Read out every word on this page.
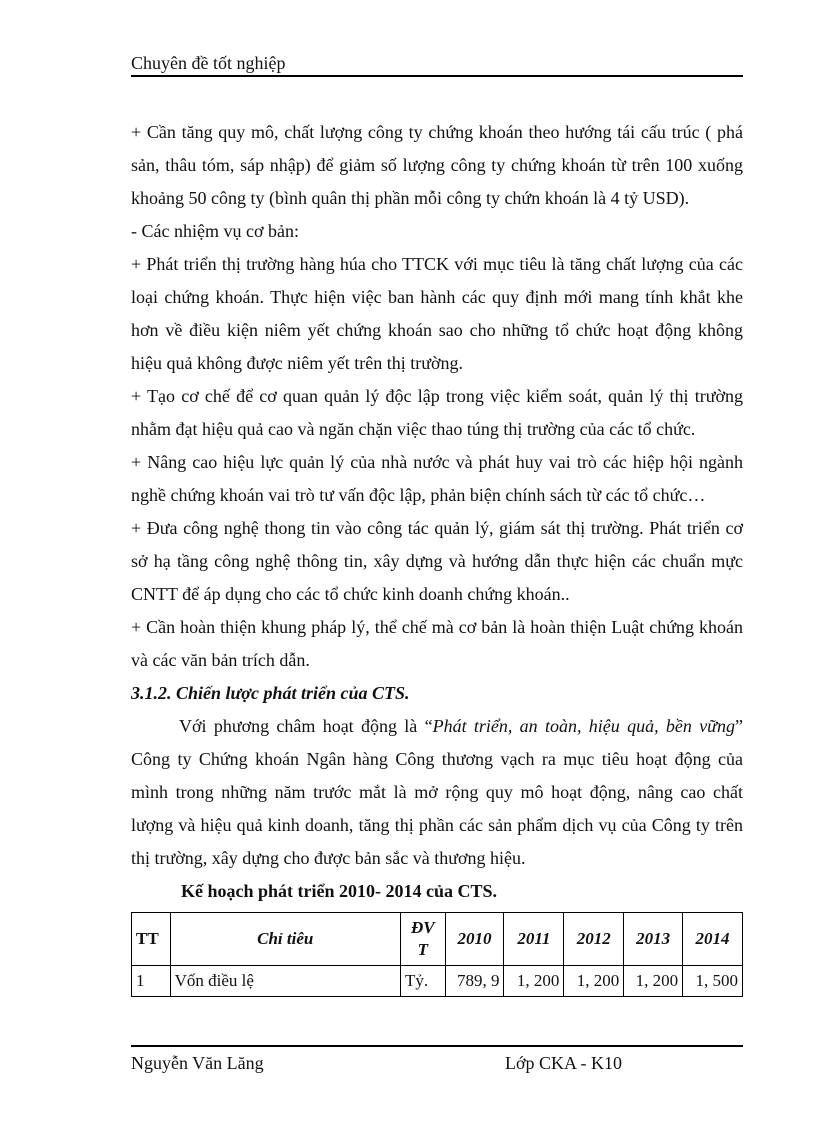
Chuyên đề tốt nghiệp

+ Cần tăng quy mô, chất lượng công ty chứng khoán theo hướng tái cấu trúc ( phá sản, thâu tóm, sáp nhập) để giảm số lượng công ty chứng khoán từ trên 100 xuống khoảng 50 công ty (bình quân thị phần mỗi công ty chứn khoán là 4 tỷ USD).

- Các nhiệm vụ cơ bản:

+ Phát triển thị trường hàng húa cho TTCK với mục tiêu là tăng chất lượng của các loại chứng khoán. Thực hiện việc ban hành các quy định mới mang tính khắt khe hơn về điều kiện niêm yết chứng khoán sao cho những tổ chức hoạt động không hiệu quả không được niêm yết trên thị trường.

+ Tạo cơ chế để cơ quan quản lý độc lập trong việc kiểm soát, quản lý thị trường nhằm đạt hiệu quả cao và ngăn chặn việc thao túng thị trường của các tổ chức.

+ Nâng cao hiệu lực quản lý của nhà nước và phát huy vai trò các hiệp hội ngành nghề chứng khoán vai trò tư vấn độc lập, phản biện chính sách từ các tổ chức…

+ Đưa công nghệ thong tin vào công tác quản lý, giám sát thị trường. Phát triển cơ sở hạ tầng công nghệ thông tin, xây dựng và hướng dẫn thực hiện các chuẩn mực CNTT để áp dụng cho các tổ chức kinh doanh chứng khoán..

+ Cần hoàn thiện khung pháp lý, thể chế mà cơ bản là hoàn thiện Luật chứng khoán và các văn bản trích dẫn.

3.1.2. Chiến lược phát triển của CTS.

Với phương châm hoạt động là “Phát triển, an toàn, hiệu quả, bền vững” Công ty Chứng khoán Ngân hàng Công thương vạch ra mục tiêu hoạt động của mình trong những năm trước mắt là mở rộng quy mô hoạt động, nâng cao chất lượng và hiệu quả kinh doanh, tăng thị phần các sản phẩm dịch vụ của Công ty trên thị trường, xây dựng cho được bản sắc và thương hiệu.

Kế hoạch phát triển 2010- 2014 của CTS.

TT	Chỉ tiêu	ĐV T	2010	2011	2012	2013	2014
1	Vốn điều lệ	Tỷ.	789, 9	1, 200	1, 200	1, 200	1, 500
Nguyễn Văn Lăng	Lớp CKA - K10
